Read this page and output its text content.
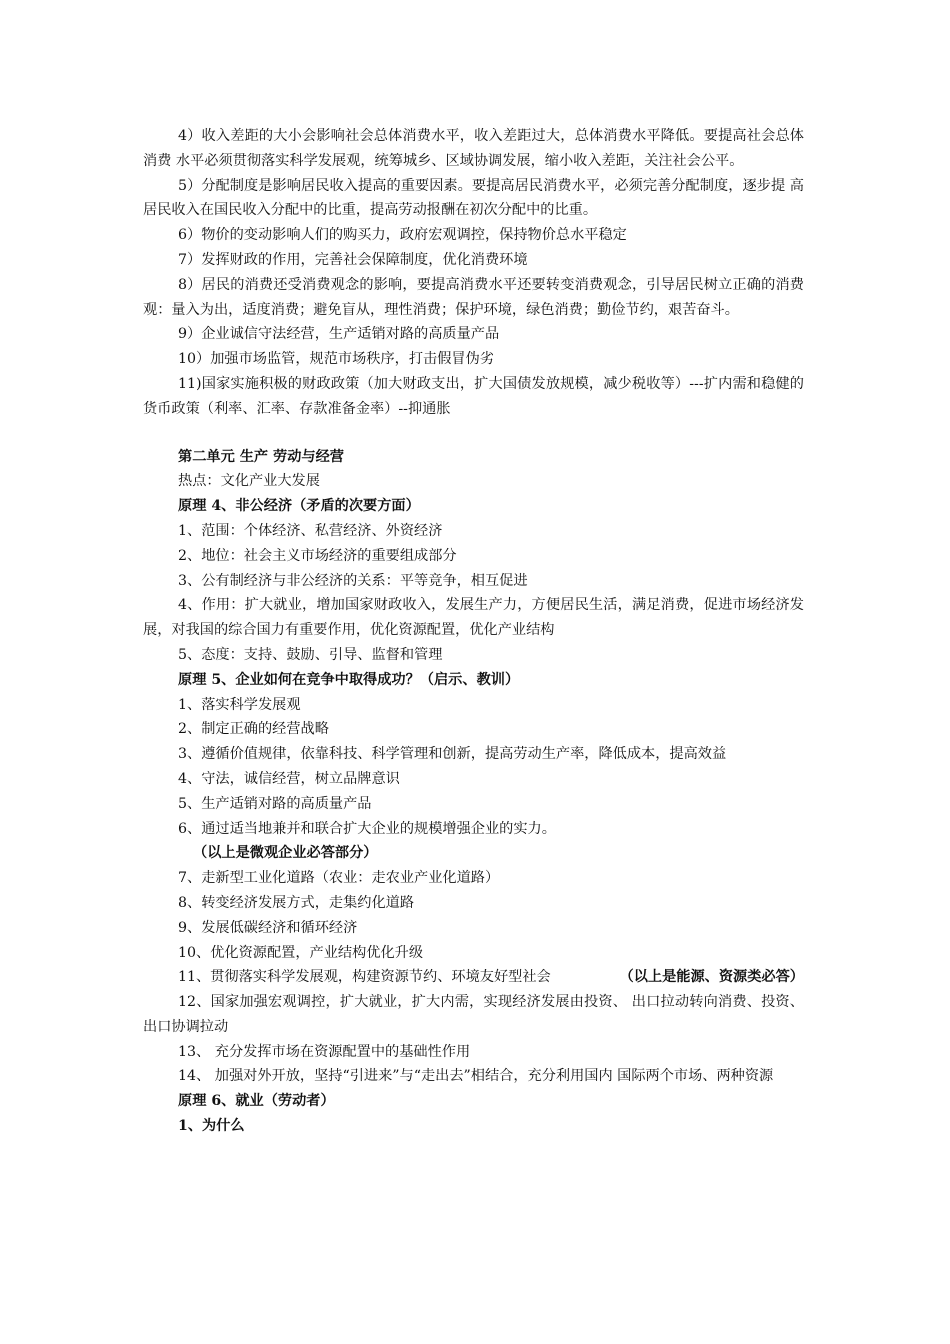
4）收入差距的大小会影响社会总体消费水平，收入差距过大，总体消费水平降低。要提高社会总体消费 水平必须贯彻落实科学发展观，统筹城乡、区域协调发展，缩小收入差距，关注社会公平。

5）分配制度是影响居民收入提高的重要因素。要提高居民消费水平，必须完善分配制度，逐步提 高居民收入在国民收入分配中的比重，提高劳动报酬在初次分配中的比重。

6）物价的变动影响人们的购买力，政府宏观调控，保持物价总水平稳定

7）发挥财政的作用，完善社会保障制度，优化消费环境

8）居民的消费还受消费观念的影响，要提高消费水平还要转变消费观念，引导居民树立正确的消费观：量入为出，适度消费；避免盲从，理性消费；保护环境，绿色消费；勤俭节约，艰苦奋斗。

9）企业诚信守法经营，生产适销对路的高质量产品

10）加强市场监管，规范市场秩序，打击假冒伪劣

11)国家实施积极的财政政策（加大财政支出，扩大国债发放规模，减少税收等）---扩内需和稳健的货币政策（利率、汇率、存款准备金率）--抑通胀

第二单元 生产 劳动与经营

热点：文化产业大发展

原理 4、非公经济（矛盾的次要方面）

1、范围：个体经济、私营经济、外资经济

2、地位：社会主义市场经济的重要组成部分

3、公有制经济与非公经济的关系：平等竞争，相互促进

4、作用：扩大就业，增加国家财政收入，发展生产力，方便居民生活，满足消费，促进市场经济发展，对我国的综合国力有重要作用，优化资源配置，优化产业结构

5、态度：支持、鼓励、引导、监督和管理

原理 5、企业如何在竞争中取得成功？（启示、教训）

1、落实科学发展观

2、制定正确的经营战略

3、遵循价值规律，依靠科技、科学管理和创新，提高劳动生产率，降低成本，提高效益

4、守法，诚信经营，树立品牌意识

5、生产适销对路的高质量产品

6、通过适当地兼并和联合扩大企业的规模增强企业的实力。

（以上是微观企业必答部分）

7、走新型工业化道路（农业：走农业产业化道路）

8、转变经济发展方式，走集约化道路

9、发展低碳经济和循环经济

10、优化资源配置，产业结构优化升级

11、贯彻落实科学发展观，构建资源节约、环境友好型社会	（以上是能源、资源类必答）

12、国家加强宏观调控，扩大就业，扩大内需，实现经济发展由投资、 出口拉动转向消费、投资、出口协调拉动

13、 充分发挥市场在资源配置中的基础性作用

14、 加强对外开放，坚持“引进来”与“走出去”相结合，充分利用国内 国际两个市场、两种资源

原理 6、就业（劳动者）

1、为什么
